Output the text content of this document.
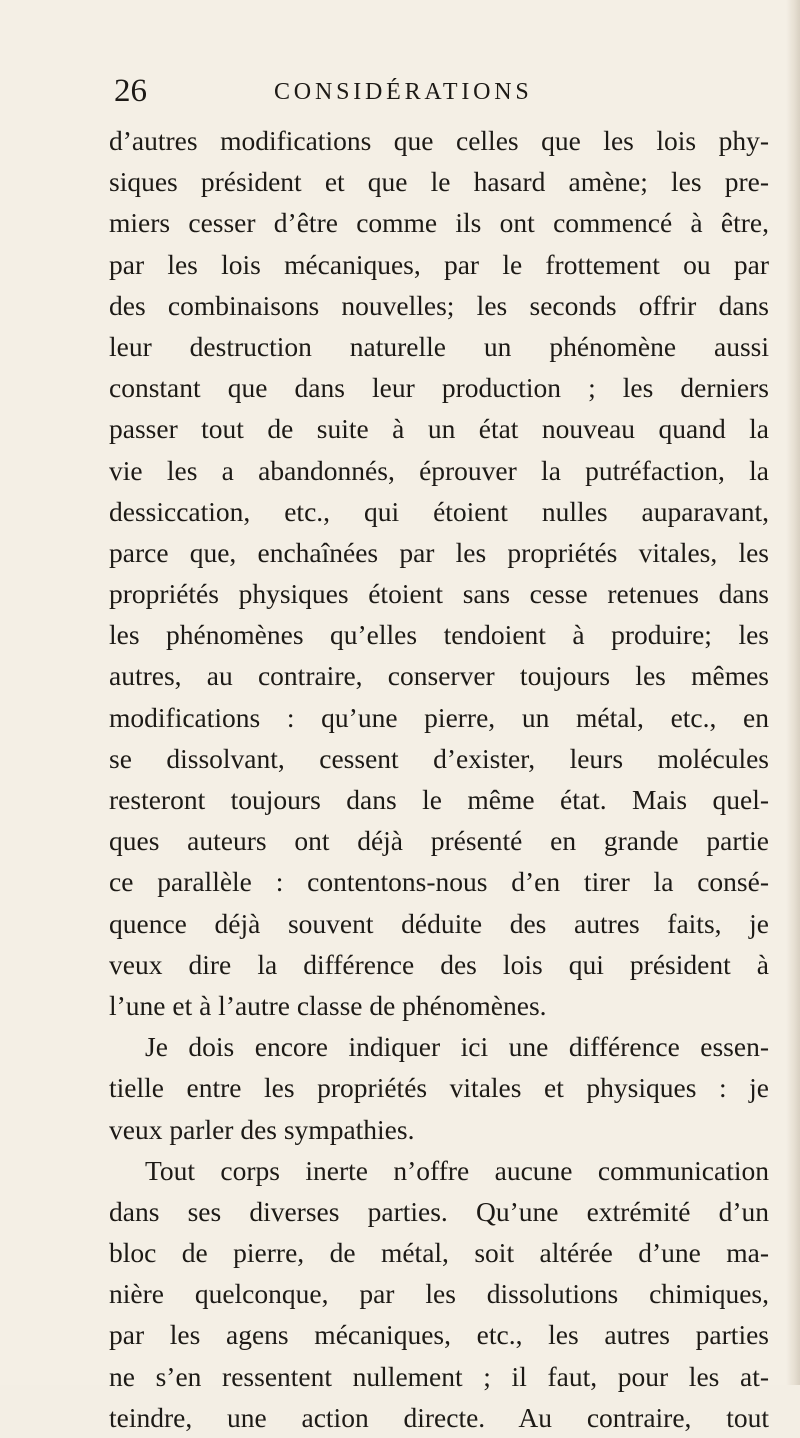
26	CONSIDÉRATIONS
d’autres modifications que celles que les lois phy-
siques président et que le hasard amène; les pre-
miers cesser d’être comme ils ont commencé à être,
par les lois mécaniques, par le frottement ou par
des combinaisons nouvelles; les seconds offrir dans
leur destruction naturelle un phénomène aussi
constant que dans leur production ; les derniers
passer tout de suite à un état nouveau quand la
vie les a abandonnés, éprouver la putréfaction, la
dessiccation, etc., qui étoient nulles auparavant,
parce que, enchaînées par les propriétés vitales, les
propriétés physiques étoient sans cesse retenues dans
les phénomènes qu’elles tendoient à produire; les
autres, au contraire, conserver toujours les mêmes
modifications : qu’une pierre, un métal, etc., en
se dissolvant, cessent d’exister, leurs molécules
resteront toujours dans le même état. Mais quel-
ques auteurs ont déjà présenté en grande partie
ce parallèle : contentons-nous d’en tirer la consé-
quence déjà souvent déduite des autres faits, je
veux dire la différence des lois qui président à
l’une et à l’autre classe de phénomènes.
Je dois encore indiquer ici une différence essen-
tielle entre les propriétés vitales et physiques : je
veux parler des sympathies.
Tout corps inerte n’offre aucune communication
dans ses diverses parties. Qu’une extrémité d’un
bloc de pierre, de métal, soit altérée d’une ma-
nière quelconque, par les dissolutions chimiques,
par les agens mécaniques, etc., les autres parties
ne s’en ressentent nullement ; il faut, pour les at-
teindre, une action directe. Au contraire, tout
